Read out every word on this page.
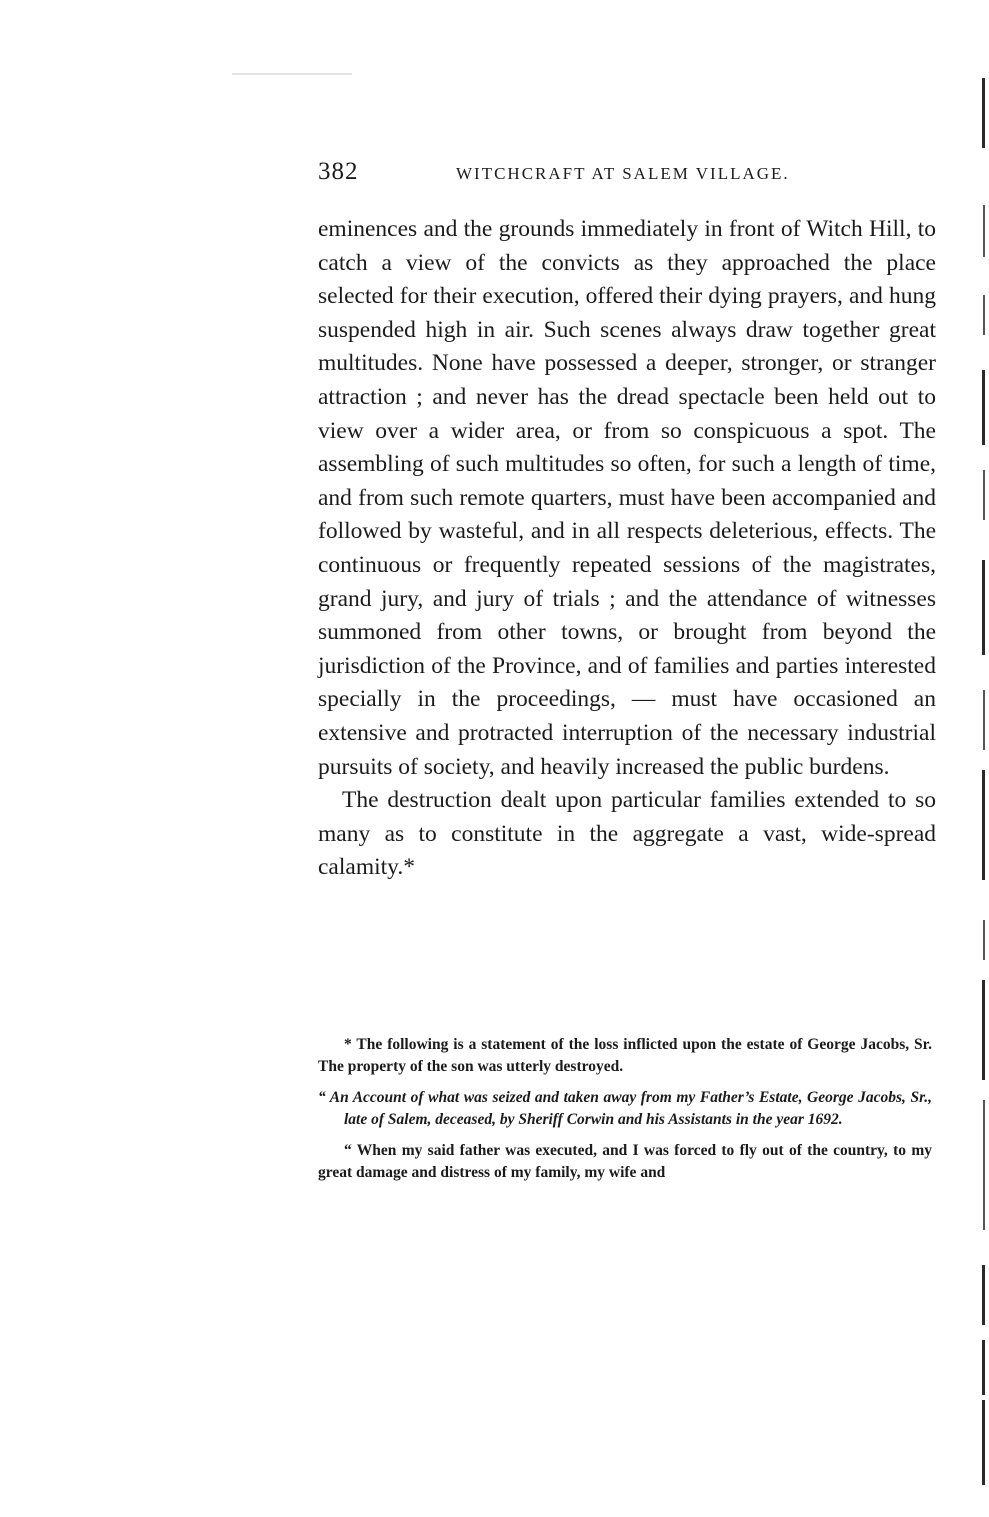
382	WITCHCRAFT AT SALEM VILLAGE.

eminences and the grounds immediately in front of Witch Hill, to catch a view of the convicts as they approached the place selected for their execution, offered their dying prayers, and hung suspended high in air. Such scenes always draw together great multitudes. None have possessed a deeper, stronger, or stranger attraction ; and never has the dread spectacle been held out to view over a wider area, or from so conspicuous a spot. The assembling of such multitudes so often, for such a length of time, and from such remote quarters, must have been accompanied and followed by wasteful, and in all respects deleterious, effects. The continuous or frequently repeated sessions of the magistrates, grand jury, and jury of trials ; and the attendance of witnesses summoned from other towns, or brought from beyond the jurisdiction of the Province, and of families and parties interested specially in the proceedings, — must have occasioned an extensive and protracted interruption of the necessary industrial pursuits of society, and heavily increased the public burdens.

The destruction dealt upon particular families extended to so many as to constitute in the aggregate a vast, wide-spread calamity.*

* The following is a statement of the loss inflicted upon the estate of George Jacobs, Sr. The property of the son was utterly destroyed.

“ An Account of what was seized and taken away from my Father’s Estate, George Jacobs, Sr., late of Salem, deceased, by Sheriff Corwin and his Assistants in the year 1692.

“ When my said father was executed, and I was forced to fly out of the country, to my great damage and distress of my family, my wife and
